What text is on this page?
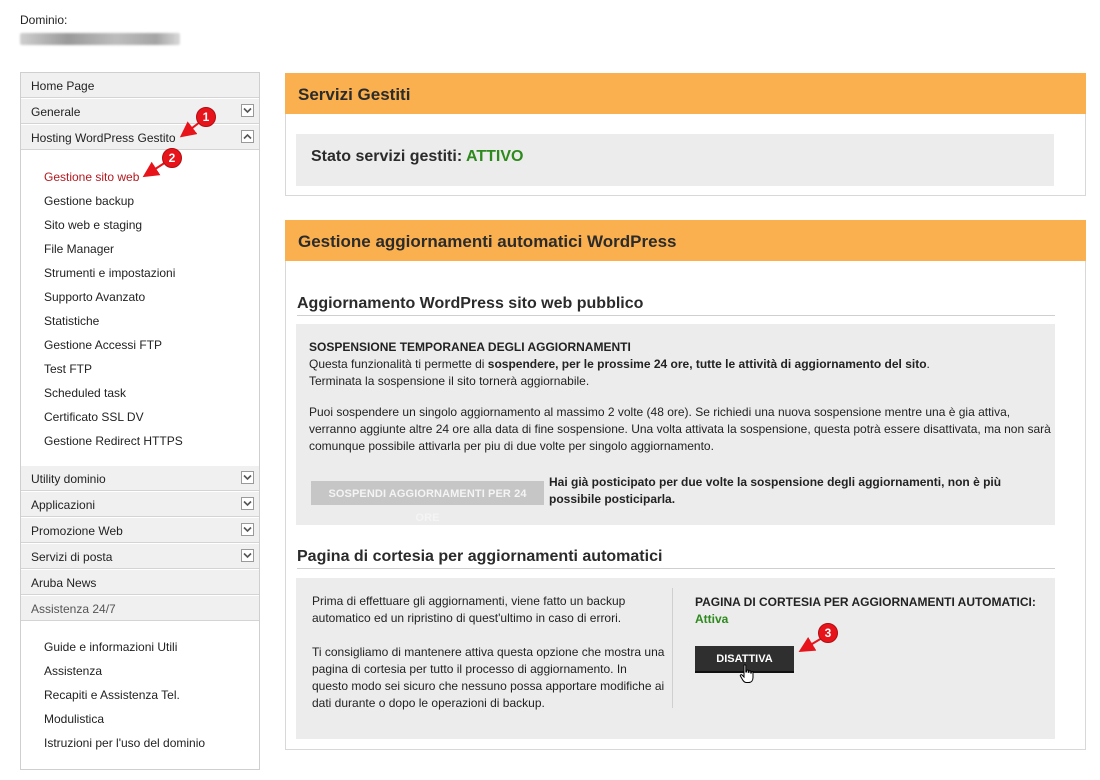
Dominio:
Home Page
Generale
Hosting WordPress Gestito
Gestione sito web
Gestione backup
Sito web e staging
File Manager
Strumenti e impostazioni
Supporto Avanzato
Statistiche
Gestione Accessi FTP
Test FTP
Scheduled task
Certificato SSL DV
Gestione Redirect HTTPS
Utility dominio
Applicazioni
Promozione Web
Servizi di posta
Aruba News
Assistenza 24/7
Guide e informazioni Utili
Assistenza
Recapiti e Assistenza Tel.
Modulistica
Istruzioni per l'uso del dominio
Servizi Gestiti
Stato servizi gestiti: ATTIVO
Gestione aggiornamenti automatici WordPress
Aggiornamento WordPress sito web pubblico
SOSPENSIONE TEMPORANEA DEGLI AGGIORNAMENTI
Questa funzionalità ti permette di sospendere, per le prossime 24 ore, tutte le attività di aggiornamento del sito.
Terminata la sospensione il sito tornerà aggiornabile.
Puoi sospendere un singolo aggiornamento al massimo 2 volte (48 ore). Se richiedi una nuova sospensione mentre una è gia attiva,
verranno aggiunte altre 24 ore alla data di fine sospensione. Una volta attivata la sospensione, questa potrà essere disattivata, ma non sarà
comunque possibile attivarla per piu di due volte per singolo aggiornamento.
SOSPENDI AGGIORNAMENTI PER 24 ORE
Hai già posticipato per due volte la sospensione degli aggiornamenti, non è più
possibile posticiparla.
Pagina di cortesia per aggiornamenti automatici
Prima di effettuare gli aggiornamenti, viene fatto un backup
automatico ed un ripristino di quest'ultimo in caso di errori.
Ti consigliamo di mantenere attiva questa opzione che mostra una
pagina di cortesia per tutto il processo di aggiornamento. In
questo modo sei sicuro che nessuno possa apportare modifiche ai
dati durante o dopo le operazioni di backup.
PAGINA DI CORTESIA PER AGGIORNAMENTI AUTOMATICI:
Attiva
DISATTIVA
1
2
3
